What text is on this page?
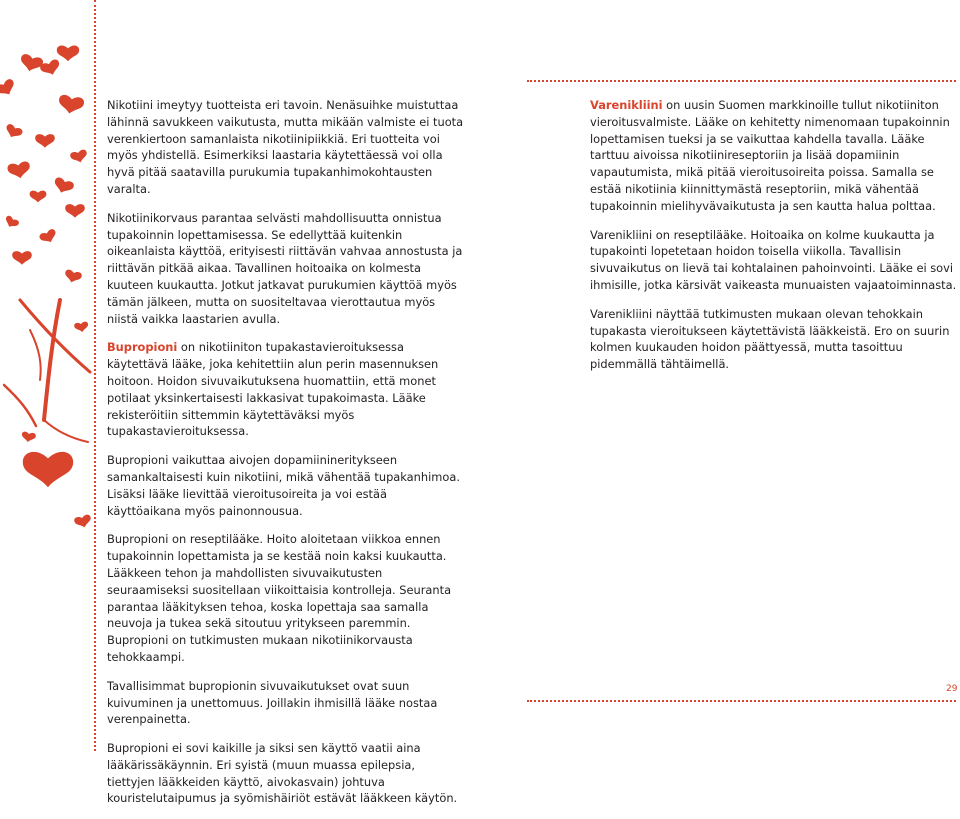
Nikotiini imeytyy tuotteista eri tavoin. Nenäsuihke muistuttaa lähinnä savukkeen vaikutusta, mutta mikään valmiste ei tuota verenkiertoon samanlaista nikotiinipiikkiä. Eri tuotteita voi myös yhdistellä. Esimerkiksi laastaria käytettäessä voi olla hyvä pitää saatavilla purukumia tupakanhimokohtausten varalta.

Nikotiinikorvaus parantaa selvästi mahdollisuutta onnistua tupakoinnin lopettamisessa. Se edellyttää kuitenkin oikeanlaista käyttöä, erityisesti riittävän vahvaa annostusta ja riittävän pitkää aikaa. Tavallinen hoitoaika on kolmesta kuuteen kuukautta. Jotkut jatkavat purukumien käyttöä myös tämän jälkeen, mutta on suositeltavaa vierottautua myös niistä vaikka laastarien avulla.

Bupropioni on nikotiiniton tupakastavieroituksessa käytettävä lääke, joka kehitettiin alun perin masennuksen hoitoon. Hoidon sivuvaikutuksena huomattiin, että monet potilaat yksinkertaisesti lakkasivat tupakoimasta. Lääke rekisteröitiin sittemmin käytettäväksi myös tupakastavieroituksessa.

Bupropioni vaikuttaa aivojen dopamiinineritykseen samankaltaisesti kuin nikotiini, mikä vähentää tupakanhimoa. Lisäksi lääke lievittää vieroitusoireita ja voi estää käyttöaikana myös painonnousua.

Bupropioni on reseptilääke. Hoito aloitetaan viikkoa ennen tupakoinnin lopettamista ja se kestää noin kaksi kuukautta. Lääkkeen tehon ja mahdollisten sivuvaikutusten seuraamiseksi suositellaan viikoittaisia kontrolleja. Seuranta parantaa lääkityksen tehoa, koska lopettaja saa samalla neuvoja ja tukea sekä sitoutuu yritykseen paremmin. Bupropioni on tutkimusten mukaan nikotiinikorvausta tehokkaampi.

Tavallisimmat bupropionin sivuvaikutukset ovat suun kuivuminen ja unettomuus. Joillakin ihmisillä lääke nostaa verenpainetta.

Bupropioni ei sovi kaikille ja siksi sen käyttö vaatii aina lääkärissäkäynnin. Eri syistä (muun muassa epilepsia, tiettyjen lääkkeiden käyttö, aivokasvain) johtuva kouristelutaipumus ja syömishäiriöt estävät lääkkeen käytön.

Varenikliini on uusin Suomen markkinoille tullut nikotiiniton vieroitusvalmiste. Lääke on kehitetty nimenomaan tupakoinnin lopettamisen tueksi ja se vaikuttaa kahdella tavalla. Lääke tarttuu aivoissa nikotiinireseptoriin ja lisää dopamiinin vapautumista, mikä pitää vieroitusoireita poissa. Samalla se estää nikotiinia kiinnittymästä reseptoriin, mikä vähentää tupakoinnin mielihyvävaikutusta ja sen kautta halua polttaa.

Varenikliini on reseptilääke. Hoitoaika on kolme kuukautta ja tupakointi lopetetaan hoidon toisella viikolla. Tavallisin sivuvaikutus on lievä tai kohtalainen pahoinvointi. Lääke ei sovi ihmisille, jotka kärsivät vaikeasta munuaisten vajaatoiminnasta.

Varenikliini näyttää tutkimusten mukaan olevan tehokkain tupakasta vieroitukseen käytettävistä lääkkeistä. Ero on suurin kolmen kuukauden hoidon päättyessä, mutta tasoittuu pidemmällä tähtäimellä.

29
